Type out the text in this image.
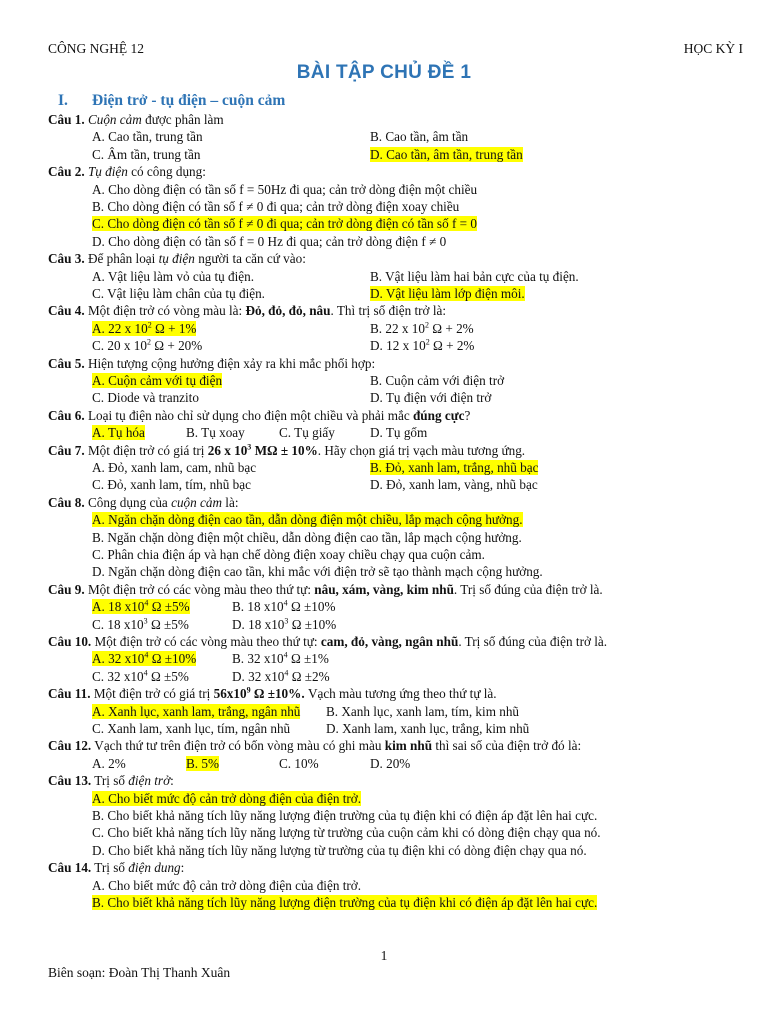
CÔNG NGHỆ 12	HỌC KỲ I
BÀI TẬP CHỦ ĐỀ 1
I. Điện trở - tụ điện – cuộn cảm
Câu 1. Cuộn cảm được phân làm
A. Cao tần, trung tần	B. Cao tần, âm tần
C. Âm tần, trung tần	D. Cao tần, âm tần, trung tần
Câu 2. Tụ điện có công dụng:
A. Cho dòng điện có tần số f = 50Hz đi qua; cản trở dòng điện một chiều
B. Cho dòng điện có tần số f ≠ 0 đi qua; cản trở dòng điện xoay chiều
C. Cho dòng điện có tần số f ≠ 0 đi qua; cản trở dòng điện có tần số f = 0
D. Cho dòng điện có tần số f = 0 Hz đi qua; cản trở dòng điện f ≠ 0
Câu 3. Để phân loại tụ điện người ta căn cứ vào:
A. Vật liệu làm vỏ của tụ điện.	B. Vật liệu làm hai bản cực của tụ điện.
C. Vật liệu làm chân của tụ điện.	D. Vật liệu làm lớp điện môi.
Câu 4. Một điện trở có vòng màu là: Đỏ, đỏ, đỏ, nâu. Thì trị số điện trở là:
A. 22 x $10^2$ Ω + 1%	B. 22 x $10^2$ Ω + 2%
C. 20 x $10^2$ Ω + 20%	D. 12 x $10^2$ Ω + 2%
Câu 5. Hiện tượng cộng hưởng điện xảy ra khi mắc phối hợp:
A. Cuộn cảm với tụ điện	B. Cuộn cảm với điện trở
C. Diode và tranzito	D. Tụ điện với điện trở
Câu 6. Loại tụ điện nào chỉ sử dụng cho điện một chiều và phải mắc đúng cực?
A. Tụ hóa	B. Tụ xoay	C. Tụ giấy	D. Tụ gốm
Câu 7. Một điện trở có giá trị 26 x $10^3$ MΩ ± 10%. Hãy chọn giá trị vạch màu tương ứng.
A. Đỏ, xanh lam, cam, nhũ bạc	B. Đỏ, xanh lam, trắng, nhũ bạc
C. Đỏ, xanh lam, tím, nhũ bạc	D. Đỏ, xanh lam, vàng, nhũ bạc
Câu 8. Công dụng của cuộn cảm là:
A. Ngăn chặn dòng điện cao tần, dẫn dòng điện một chiều, lắp mạch cộng hưởng.
B. Ngăn chặn dòng điện một chiều, dẫn dòng điện cao tần, lắp mạch cộng hưởng.
C. Phân chia điện áp và hạn chế dòng điện xoay chiều chạy qua cuộn cảm.
D. Ngăn chặn dòng điện cao tần, khi mắc với điện trở sẽ tạo thành mạch cộng hưởng.
Câu 9. Một điện trở có các vòng màu theo thứ tự: nâu, xám, vàng, kim nhũ. Trị số đúng của điện trở là.
A. 18 $x10^4$ Ω ±5%	B. 18 $x10^4$ Ω ±10%
C. 18 $x10^3$ Ω ±5%	D. 18 $x10^3$ Ω ±10%
Câu 10. Một điện trở có các vòng màu theo thứ tự: cam, đỏ, vàng, ngân nhũ. Trị số đúng của điện trở là.
A. 32 $x10^4$ Ω ±10%	B. 32 $x10^4$ Ω ±1%
C. 32 $x10^4$ Ω ±5%	D. 32 $x10^4$ Ω ±2%
Câu 11. Một điện trở có giá trị $56x10^9$ Ω ±10%. Vạch màu tương ứng theo thứ tự là.
A. Xanh lục, xanh lam, trắng, ngân nhũ B. Xanh lục, xanh lam, tím, kim nhũ
C. Xanh lam, xanh lục, tím, ngân nhũ	D. Xanh lam, xanh lục, trắng, kim nhũ
Câu 12. Vạch thứ tư trên điện trở có bốn vòng màu có ghi màu kim nhũ thì sai số của điện trở đó là:
A. 2%	B. 5%	C. 10%	D. 20%
Câu 13. Trị số điện trở:
A. Cho biết mức độ cản trở dòng điện của điện trở.
B. Cho biết khả năng tích lũy năng lượng điện trường của tụ điện khi có điện áp đặt lên hai cực.
C. Cho biết khả năng tích lũy năng lượng từ trường của cuộn cảm khi có dòng điện chạy qua nó.
D. Cho biết khả năng tích lũy năng lượng từ trường của tụ điện khi có dòng điện chạy qua nó.
Câu 14. Trị số điện dung:
A. Cho biết mức độ cản trở dòng điện của điện trở.
B. Cho biết khả năng tích lũy năng lượng điện trường của tụ điện khi có điện áp đặt lên hai cực.
1
Biên soạn: Đoàn Thị Thanh Xuân
